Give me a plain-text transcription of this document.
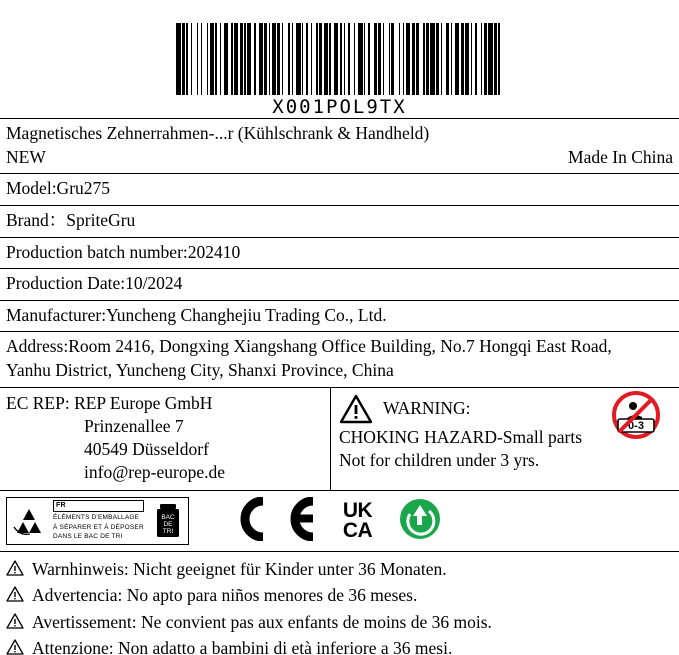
X001POL9TX
Magnetisches Zehnerrahmen-...r (Kühlschrank & Handheld)
NEW	Made In China
Model:Gru275
Brand：SpriteGru
Production batch number:202410
Production Date:10/2024
Manufacturer:Yuncheng Changhejiu Trading Co., Ltd.
Address:Room 2416, Dongxing Xiangshang Office Building, No.7 Hongqi East Road,
Yanhu District, Yuncheng City, Shanxi Province, China
EC REP: REP Europe GmbH
Prinzenallee 7
40549 Düsseldorf
info@rep-europe.de
WARNING:
CHOKING HAZARD-Small parts
Not for children under 3 yrs.
0-3
FR
ÉLÉMENTS D'EMBALLAGE
À SÉPARER ET À DÉPOSER
DANS LE BAC DE TRI
BAC
DE
TRI
UK
CA
Warnhinweis: Nicht geeignet für Kinder unter 36 Monaten.
Advertencia: No apto para niños menores de 36 meses.
Avertissement: Ne convient pas aux enfants de moins de 36 mois.
Attenzione: Non adatto a bambini di età inferiore a 36 mesi.
